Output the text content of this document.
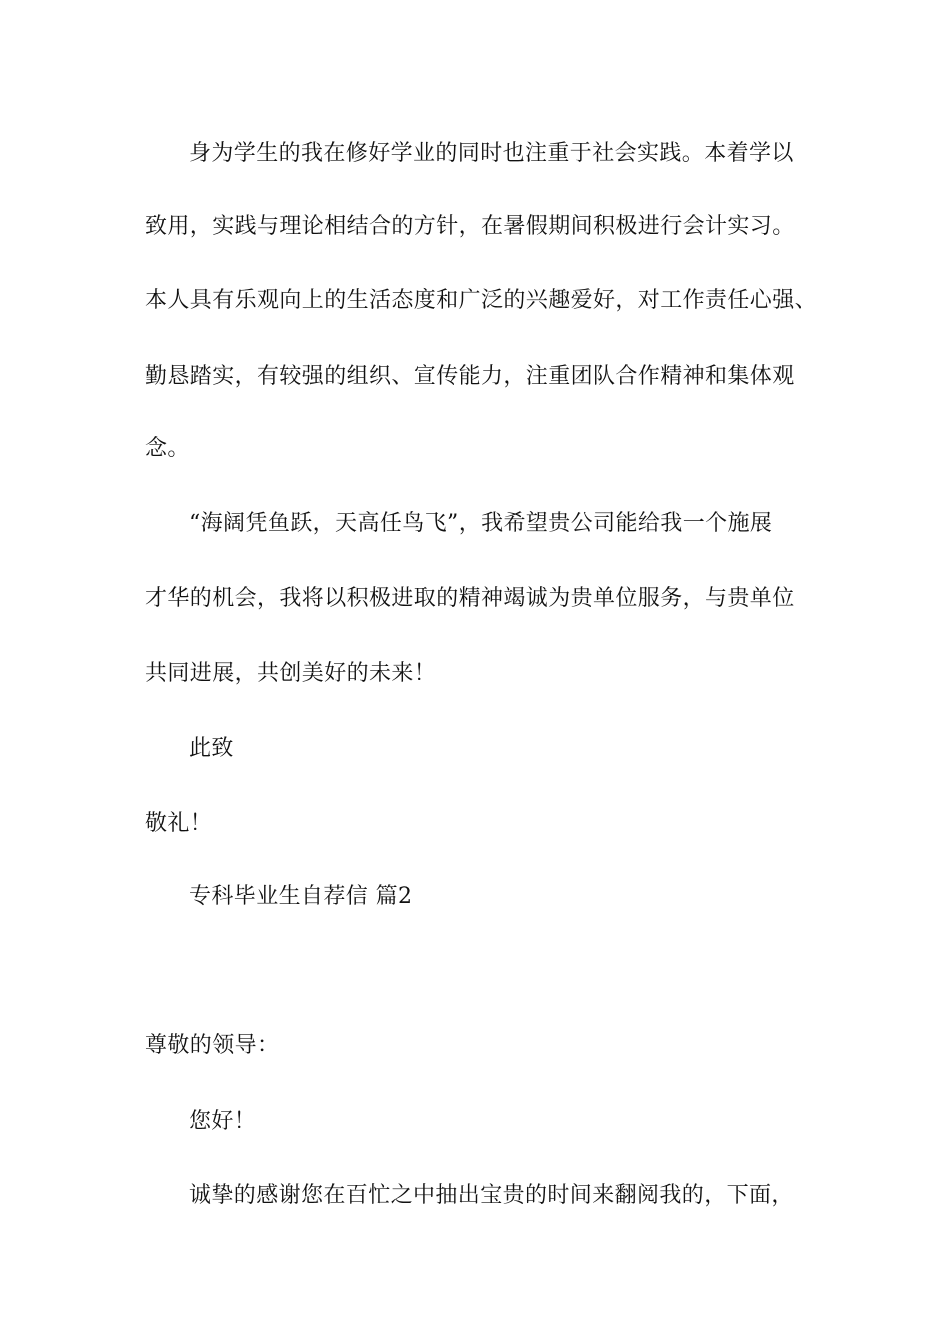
身为学生的我在修好学业的同时也注重于社会实践。本着学以
致用，实践与理论相结合的方针，在暑假期间积极进行会计实习。
本人具有乐观向上的生活态度和广泛的兴趣爱好，对工作责任心强、
勤恳踏实，有较强的组织、宣传能力，注重团队合作精神和集体观
念。
“海阔凭鱼跃，天高任鸟飞”，我希望贵公司能给我一个施展
才华的机会，我将以积极进取的精神竭诚为贵单位服务，与贵单位
共同进展，共创美好的未来！
此致
敬礼！
专科毕业生自荐信 篇2
尊敬的领导：
您好！
诚挚的感谢您在百忙之中抽出宝贵的时间来翻阅我的，下面，
